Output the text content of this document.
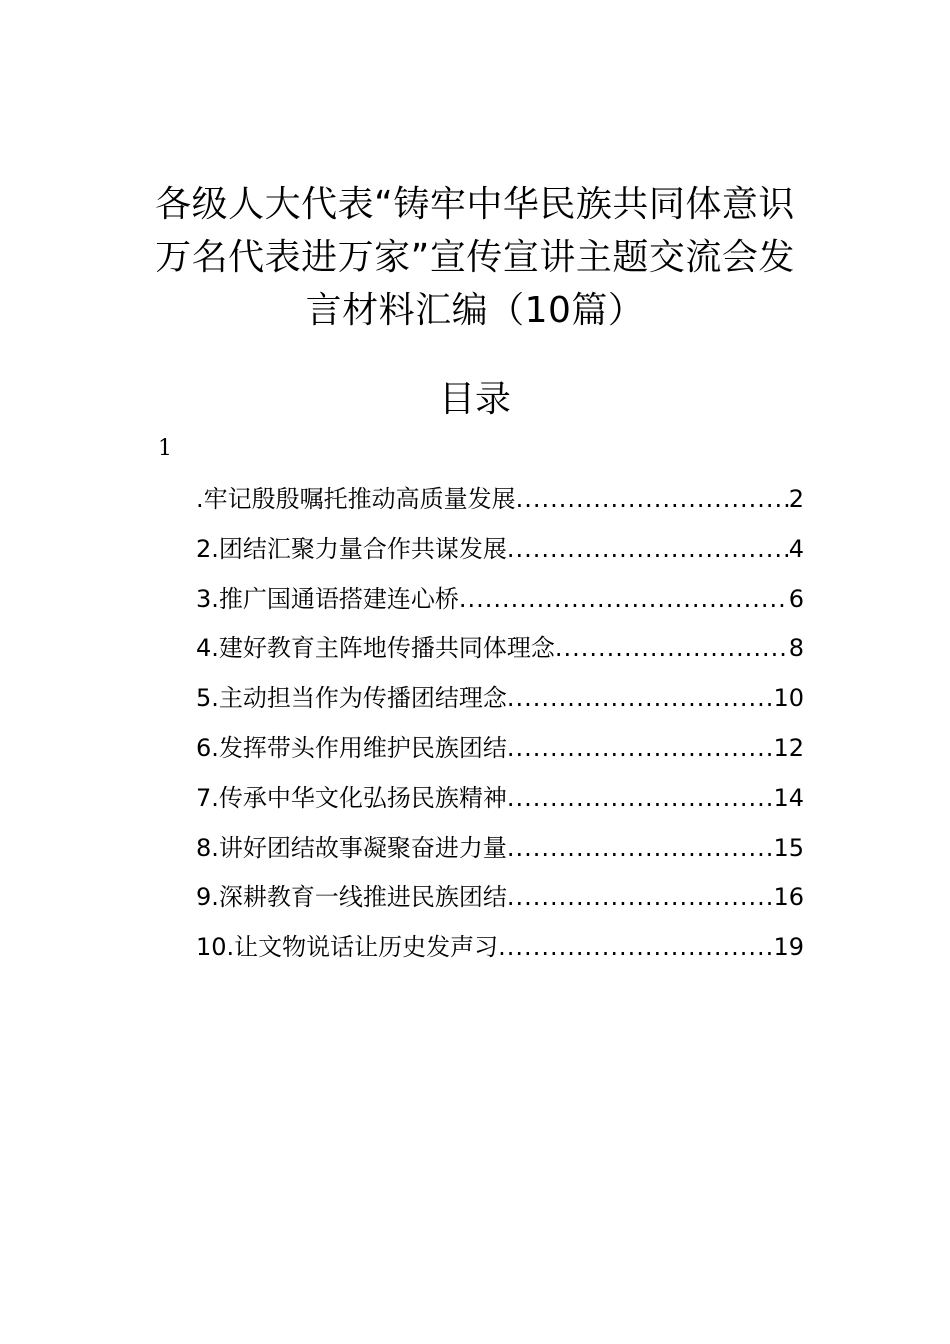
各级人大代表“铸牢中华民族共同体意识
万名代表进万家”宣传宣讲主题交流会发
言材料汇编（10篇）
目录
1
.牢记殷殷嘱托推动高质量发展 .....	2
2.团结汇聚力量合作共谋发展 .....	4
3.推广国通语搭建连心桥 .....	6
4.建好教育主阵地传播共同体理念 .....	8
5.主动担当作为传播团结理念 .....	10
6.发挥带头作用维护民族团结 .....	12
7.传承中华文化弘扬民族精神 .....	14
8.讲好团结故事凝聚奋进力量 .....	15
9.深耕教育一线推进民族团结 .....	16
10.让文物说话让历史发声习 .....	19
